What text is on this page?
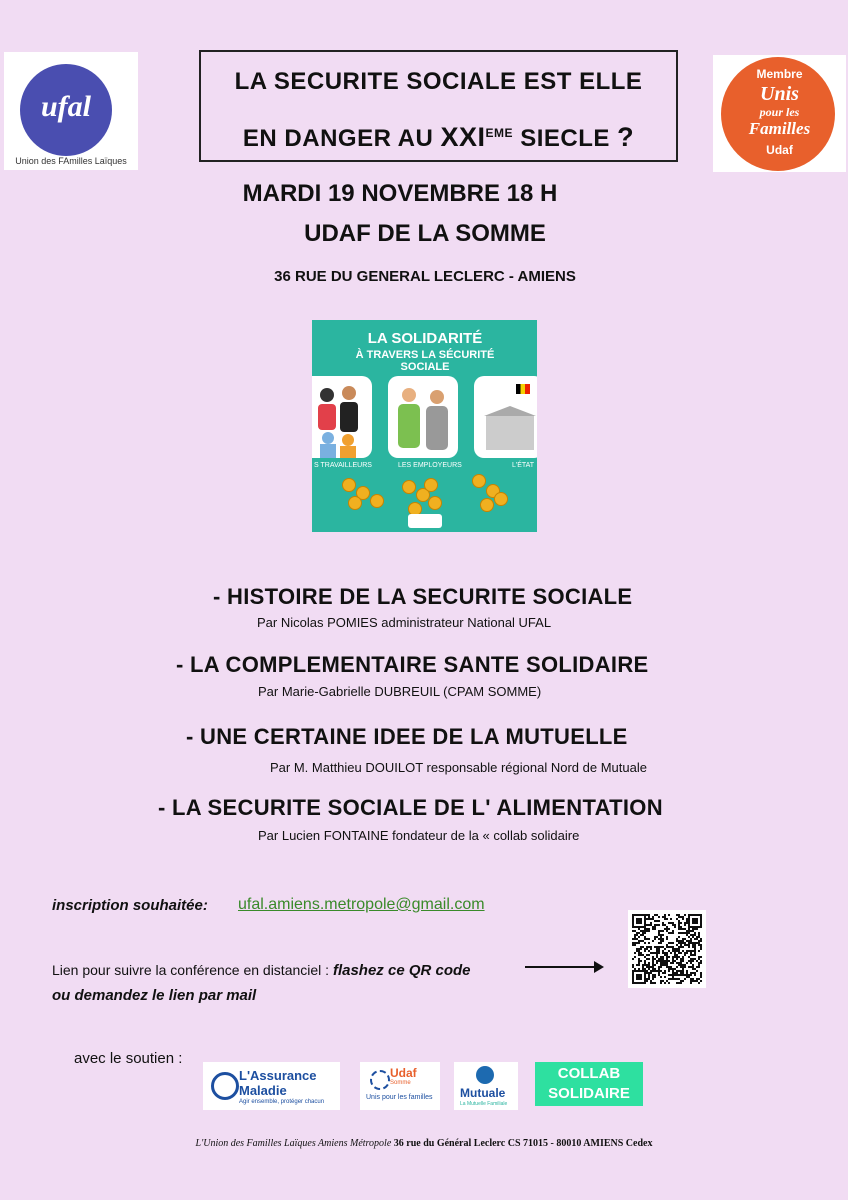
ufal
Union des FAmilles Laïques
LA SECURITE SOCIALE EST ELLE
EN DANGER AU XXIEME SIECLE ?
Membre
Unis
pour les
Familles
Udaf
MARDI 19 NOVEMBRE 18 H
UDAF DE LA SOMME
36 RUE DU GENERAL LECLERC - AMIENS
LA SOLIDARITÉ
À TRAVERS LA SÉCURITÉ SOCIALE
S TRAVAILLEURS	LES EMPLOYEURS	L'ÉTAT
- HISTOIRE DE LA SECURITE SOCIALE
Par Nicolas POMIES administrateur National UFAL
- LA COMPLEMENTAIRE SANTE SOLIDAIRE
Par Marie-Gabrielle DUBREUIL (CPAM SOMME)
- UNE CERTAINE IDEE DE LA MUTUELLE
Par M. Matthieu DOUILOT responsable régional Nord de Mutuale
- LA SECURITE SOCIALE DE L' ALIMENTATION
Par Lucien FONTAINE fondateur de la « collab solidaire
inscription souhaitée: ufal.amiens.metropole@gmail.com
Lien pour suivre la conférence en distanciel : flashez ce QR code
ou demandez le lien par mail
avec le soutien :
L'Assurance
Maladie
Agir ensemble, protéger chacun
Udaf
Somme
Unis pour les familles Mutuale
La Mutuelle Familiale
COLLAB
SOLIDAIRE
L'Union des Familles Laïques Amiens Métropole 36 rue du Général Leclerc CS 71015 - 80010 AMIENS Cedex
